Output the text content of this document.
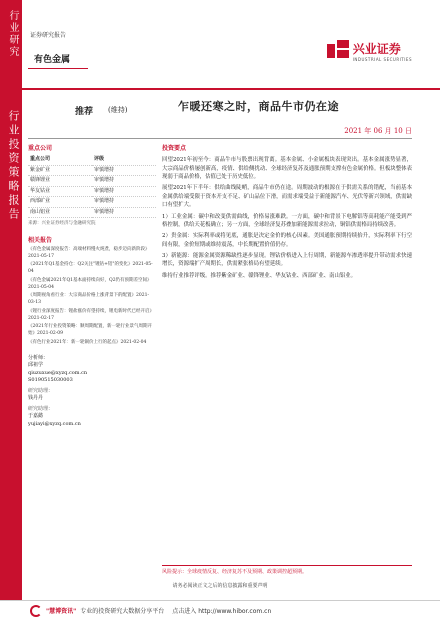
行业研究
行业投资策略报告
证券研究报告
有色金属
兴业证券
INDUSTRIAL SECURITIES
推荐 (维持)	乍暖还寒之时，商品牛市仍在途
2021 年 06 月 10 日
重点公司
重点公司	评级
紫金矿业	审慎增持
赣锋锂业	审慎增持
华友钴业	审慎增持
西部矿业	审慎增持
南山铝业	审慎增持
来源：兴业证券经济与金融研究院
相关报告
《有色金属深度报告：高端材料慢火炖煮，稳步迈向新阶段》2021-05-17
《2021年Q1基金持仓：Q2关注"锂钴+铝"的变化》2021-05-04
《有色金属2021年Q1基本面持续向好，Q2仍有预期差空间》2021-05-04
《周期视角看行业：大宗商品价格上涨背景下的配置》2021-03-13
《锂行业深度报告：锂盐涨价有望持续，锂电新时代已经开启》2021-02-17
《2021年行业投资策略：顺周期配置，新一轮行业景气周期开始》2021-02-09
《有色行业2021年：新一轮铜价上行的起点》2021-02-04
分析师：
邱祖学
qiuzuxue@xyzq.com.cn
S0190515030003
研究助理：
钱丹丹
研究助理：
于嘉懿
yujiayi@xyzq.com.cn
投资要点

回望2021年初至今：商品牛市与股票出现背离。基本金属、小金属板块表现突出。基本金属涨势显著，大宗商品价格屡创新高，疫情、供给侧扰动、全球经济复苏及通胀预期支撑有色金属价格。但板块整体表现弱于商品价格，估值已处于历史低位。

展望2021年下半年：供给曲线陡峭，商品牛市仍在途。周期波动的根源在于供需关系的错配，当前基本金属供给端受限于资本开支不足、矿山品位下滑，而需求端受益于新能源汽车、光伏等新兴领域，供需缺口有望扩大。

1）工业金属：碳中和改变供需曲线，价格易涨难跌。一方面，碳中和背景下电解铝等高耗能产能受到严格控制，供给天花板确立；另一方面，全球经济复苏叠加新能源需求拉动，铜铝供需格局持续改善。

2）贵金属：实际利率或将见底，通胀是决定金价的核心因素。美国通胀预期持续抬升，实际利率下行空间有限，金价短期或维持震荡，中长期配置价值仍存。

3）新能源：能源金属资源稀缺性逐步显现。锂钴价格进入上行周期，新能源车渗透率提升带动需求快速增长，资源端扩产周期长，供需紧张格局有望延续。

维持行业推荐评级。推荐紫金矿业、赣锋锂业、华友钴业、西部矿业、南山铝业。

风险提示：全球疫情反复、经济复苏不及预期、政策调控超预期。
请务必阅读正文之后的信息披露和重要声明
"慧博资讯" 专业的投资研究大数据分享平台 点击进入 http://www.hibor.com.cn
